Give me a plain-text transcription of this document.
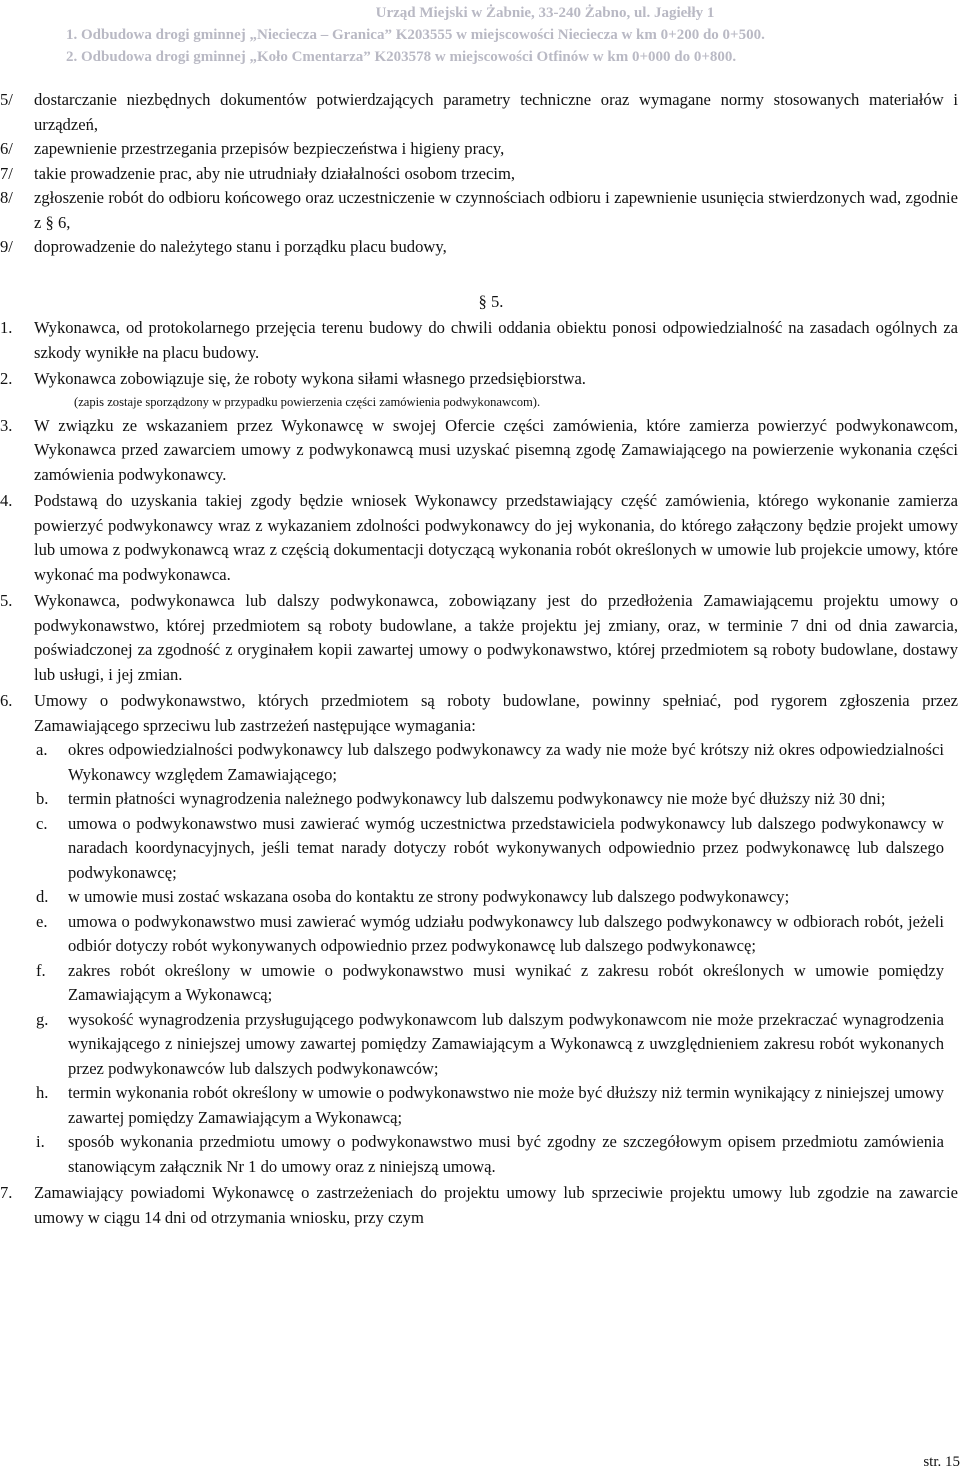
Urząd Miejski w Żabnie, 33-240 Żabno, ul. Jagiełły 1
1. Odbudowa drogi gminnej „Niecieczа – Granica” K203555 w miejscowości Niecieczа w km 0+200 do 0+500.
2. Odbudowa drogi gminnej „Koło Cmentarza” K203578 w miejscowości Otfinów w km 0+000 do 0+800.
5/ dostarczanie niezbędnych dokumentów potwierdzających parametry techniczne oraz wymagane normy stosowanych materiałów i urządzeń,
6/ zapewnienie przestrzegania przepisów bezpieczeństwa i higieny pracy,
7/ takie prowadzenie prac, aby nie utrudniały działalności osobom trzecim,
8/ zgłoszenie robót do odbioru końcowego oraz uczestniczenie w czynnościach odbioru i zapewnienie usunięcia stwierdzonych wad, zgodnie z § 6,
9/ doprowadzenie do należytego stanu i porządku placu budowy,
§ 5.
1. Wykonawca, od protokolarnego przejęcia terenu budowy do chwili oddania obiektu ponosi odpowiedzialność na zasadach ogólnych za szkody wynikłe na placu budowy.
2. Wykonawca zobowiązuje się, że roboty wykona siłami własnego przedsiębiorstwa.
(zapis zostaje sporządzony w przypadku powierzenia części zamówienia podwykonawcom).
3. W związku ze wskazaniem przez Wykonawcę w swojej Ofercie części zamówienia, które zamierza powierzyć podwykonawcom, Wykonawca przed zawarciem umowy z podwykonawcą musi uzyskać pisemną zgodę Zamawiającego na powierzenie wykonania części zamówienia podwykonawcy.
4. Podstawą do uzyskania takiej zgody będzie wniosek Wykonawcy przedstawiający część zamówienia, którego wykonanie zamierza powierzyć podwykonawcy wraz z wykazaniem zdolności podwykonawcy do jej wykonania, do którego załączony będzie projekt umowy lub umowa z podwykonawcą wraz z częścią dokumentacji dotyczącą wykonania robót określonych w umowie lub projekcie umowy, które wykonać ma podwykonawca.
5. Wykonawca, podwykonawca lub dalszy podwykonawca, zobowiązany jest do przedłożenia Zamawiającemu projektu umowy o podwykonawstwo, której przedmiotem są roboty budowlane, a także projektu jej zmiany, oraz, w terminie 7 dni od dnia zawarcia, poświadczonej za zgodność z oryginałem kopii zawartej umowy o podwykonawstwo, której przedmiotem są roboty budowlane, dostawy lub usługi, i jej zmian.
6. Umowy o podwykonawstwo, których przedmiotem są roboty budowlane, powinny spełniać, pod rygorem zgłoszenia przez Zamawiającego sprzeciwu lub zastrzeżeń następujące wymagania:
a. okres odpowiedzialności podwykonawcy lub dalszego podwykonawcy za wady nie może być krótszy niż okres odpowiedzialności Wykonawcy względem Zamawiającego;
b. termin płatności wynagrodzenia należnego podwykonawcy lub dalszemu podwykonawcy nie może być dłuższy niż 30 dni;
c. umowa o podwykonawstwo musi zawierać wymóg uczestnictwa przedstawiciela podwykonawcy lub dalszego podwykonawcy w naradach koordynacyjnych, jeśli temat narady dotyczy robót wykonywanych odpowiednio przez podwykonawcę lub dalszego podwykonawcę;
d. w umowie musi zostać wskazana osoba do kontaktu ze strony podwykonawcy lub dalszego podwykonawcy;
e. umowa o podwykonawstwo musi zawierać wymóg udziału podwykonawcy lub dalszego podwykonawcy w odbiorach robót, jeżeli odbiór dotyczy robót wykonywanych odpowiednio przez podwykonawcę lub dalszego podwykonawcę;
f. zakres robót określony w umowie o podwykonawstwo musi wynikać z zakresu robót określonych w umowie pomiędzy Zamawiającym a Wykonawcą;
g. wysokość wynagrodzenia przysługującego podwykonawcom lub dalszym podwykonawcom nie może przekraczać wynagrodzenia wynikającego z niniejszej umowy zawartej pomiędzy Zamawiającym a Wykonawcą z uwzględnieniem zakresu robót wykonanych przez podwykonawców lub dalszych podwykonawców;
h. termin wykonania robót określony w umowie o podwykonawstwo nie może być dłuższy niż termin wynikający z niniejszej umowy zawartej pomiędzy Zamawiającym a Wykonawcą;
i. sposób wykonania przedmiotu umowy o podwykonawstwo musi być zgodny ze szczegółowym opisem przedmiotu zamówienia stanowiącym załącznik Nr 1 do umowy oraz z niniejszą umową.
7. Zamawiający powiadomi Wykonawcę o zastrzeżeniach do projektu umowy lub sprzeciwie projektu umowy lub zgodzie na zawarcie umowy w ciągu 14 dni od otrzymania wniosku, przy czym
str. 15
